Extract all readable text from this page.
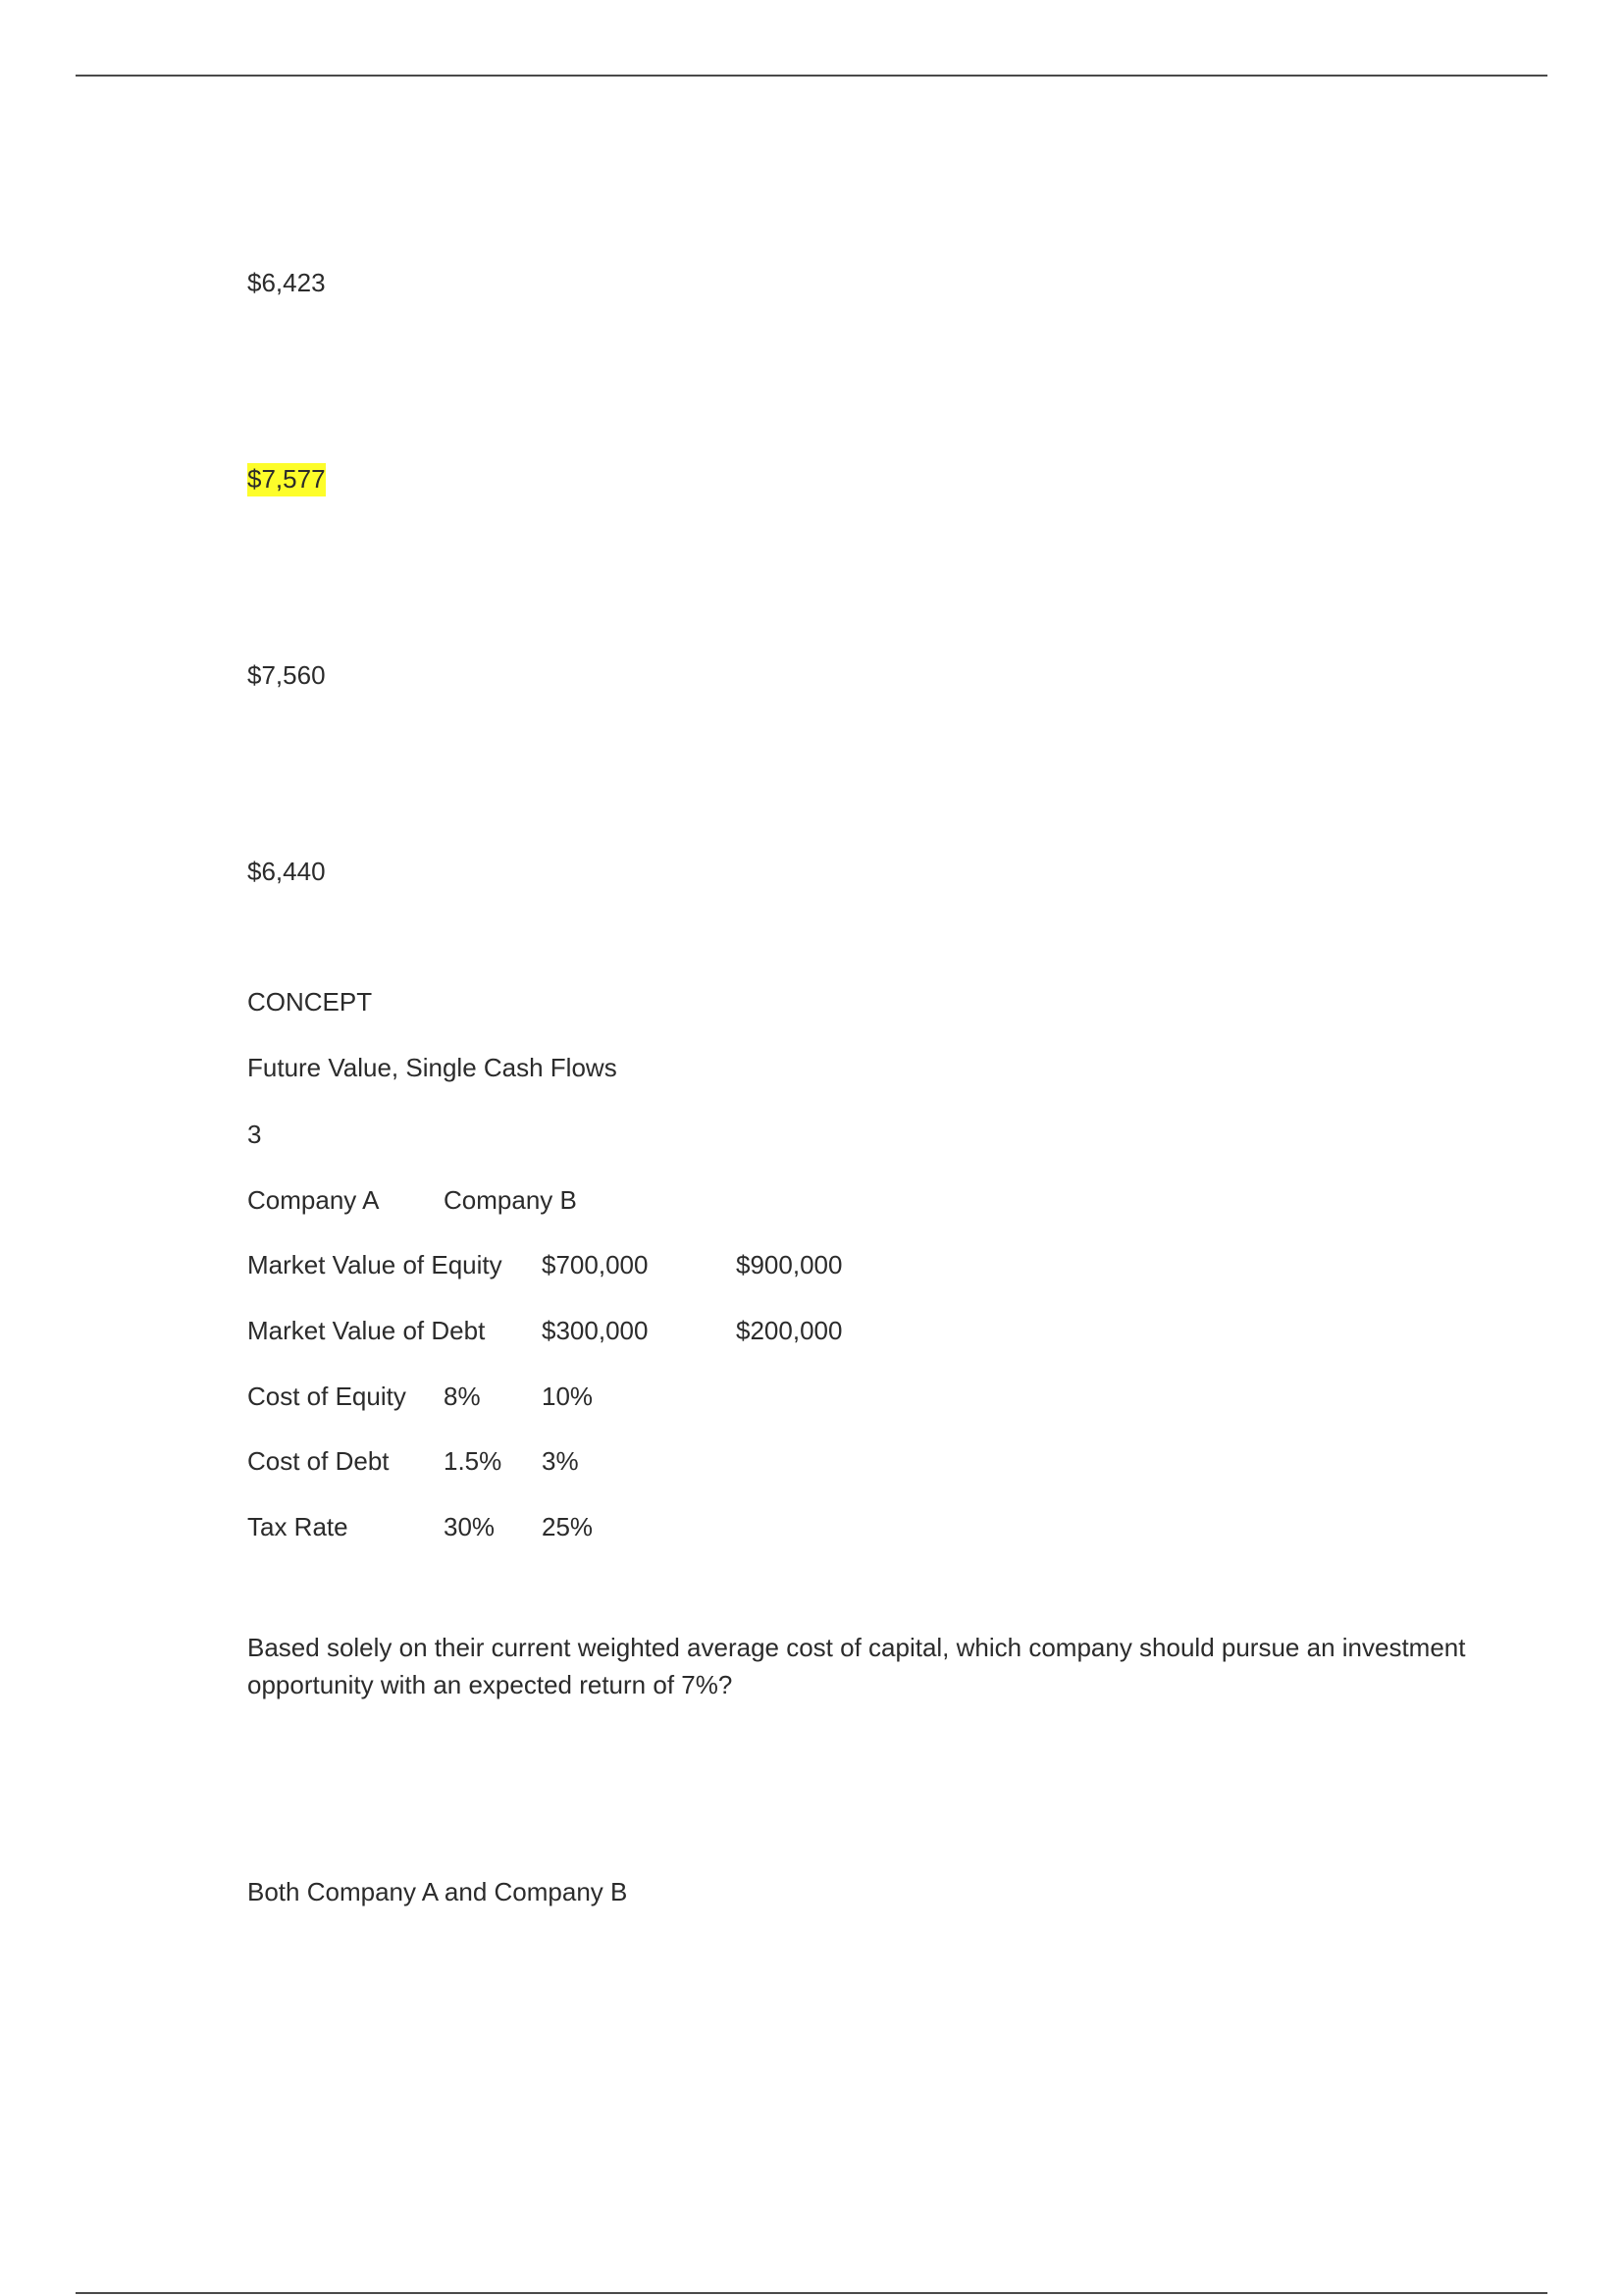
$6,423
$7,577
$7,560
$6,440
CONCEPT
Future Value, Single Cash Flows
3
Company A	Company B
Market Value of Equity $700,000	$900,000
Market Value of Debt $300,000	$200,000
Cost of Equity 8% 10%
Cost of Debt 1.5% 3%
Tax Rate	30% 25%
Based solely on their current weighted average cost of capital, which company should pursue an investment opportunity with an expected return of 7%?
Both Company A and Company B
